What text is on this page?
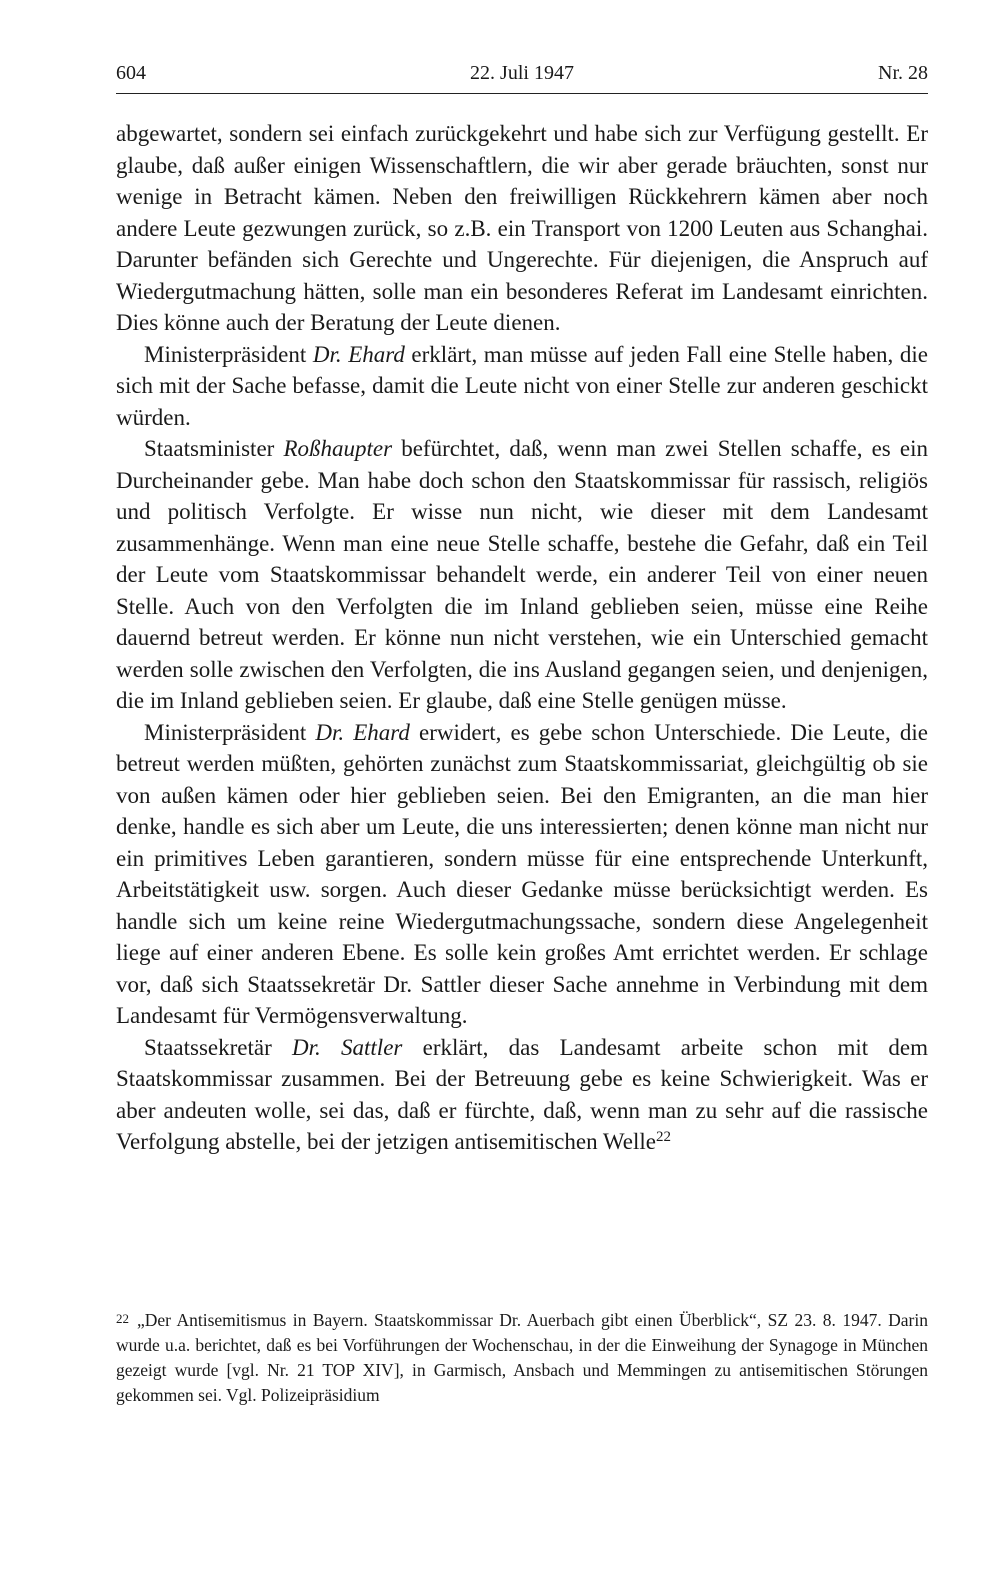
604	22. Juli 1947	Nr. 28

abgewartet, sondern sei einfach zurückgekehrt und habe sich zur Verfügung gestellt. Er glaube, daß außer einigen Wissenschaftlern, die wir aber gerade bräuchten, sonst nur wenige in Betracht kämen. Neben den freiwilligen Rückkehrern kämen aber noch andere Leute gezwungen zurück, so z.B. ein Transport von 1200 Leuten aus Schanghai. Darunter befänden sich Gerechte und Ungerechte. Für diejenigen, die Anspruch auf Wiedergutmachung hätten, solle man ein besonderes Referat im Landesamt einrichten. Dies könne auch der Beratung der Leute dienen.

Ministerpräsident Dr. Ehard erklärt, man müsse auf jeden Fall eine Stelle haben, die sich mit der Sache befasse, damit die Leute nicht von einer Stelle zur anderen geschickt würden.

Staatsminister Roßhaupter befürchtet, daß, wenn man zwei Stellen schaffe, es ein Durcheinander gebe. Man habe doch schon den Staatskommissar für rassisch, religiös und politisch Verfolgte. Er wisse nun nicht, wie dieser mit dem Landesamt zusammenhänge. Wenn man eine neue Stelle schaffe, bestehe die Gefahr, daß ein Teil der Leute vom Staatskommissar behandelt werde, ein anderer Teil von einer neuen Stelle. Auch von den Verfolgten die im Inland geblieben seien, müsse eine Reihe dauernd betreut werden. Er könne nun nicht verstehen, wie ein Unterschied gemacht werden solle zwischen den Verfolgten, die ins Ausland gegangen seien, und denjenigen, die im Inland geblieben seien. Er glaube, daß eine Stelle genügen müsse.

Ministerpräsident Dr. Ehard erwidert, es gebe schon Unterschiede. Die Leute, die betreut werden müßten, gehörten zunächst zum Staatskommissariat, gleichgültig ob sie von außen kämen oder hier geblieben seien. Bei den Emigranten, an die man hier denke, handle es sich aber um Leute, die uns interessierten; denen könne man nicht nur ein primitives Leben garantieren, sondern müsse für eine entsprechende Unterkunft, Arbeitstätigkeit usw. sorgen. Auch dieser Gedanke müsse berücksichtigt werden. Es handle sich um keine reine Wiedergutmachungssache, sondern diese Angelegenheit liege auf einer anderen Ebene. Es solle kein großes Amt errichtet werden. Er schlage vor, daß sich Staatssekretär Dr. Sattler dieser Sache annehme in Verbindung mit dem Landesamt für Vermögensverwaltung.

Staatssekretär Dr. Sattler erklärt, das Landesamt arbeite schon mit dem Staatskommissar zusammen. Bei der Betreuung gebe es keine Schwierigkeit. Was er aber andeuten wolle, sei das, daß er fürchte, daß, wenn man zu sehr auf die rassische Verfolgung abstelle, bei der jetzigen antisemitischen Welle$^{22}$

$^{22}$ „Der Antisemitismus in Bayern. Staatskommissar Dr. Auerbach gibt einen Überblick“, SZ 23. 8. 1947. Darin wurde u.a. berichtet, daß es bei Vorführungen der Wochenschau, in der die Einweihung der Synagoge in München gezeigt wurde [vgl. Nr. 21 TOP XIV], in Garmisch, Ansbach und Memmingen zu antisemitischen Störungen gekommen sei. Vgl. Polizeipräsidium
